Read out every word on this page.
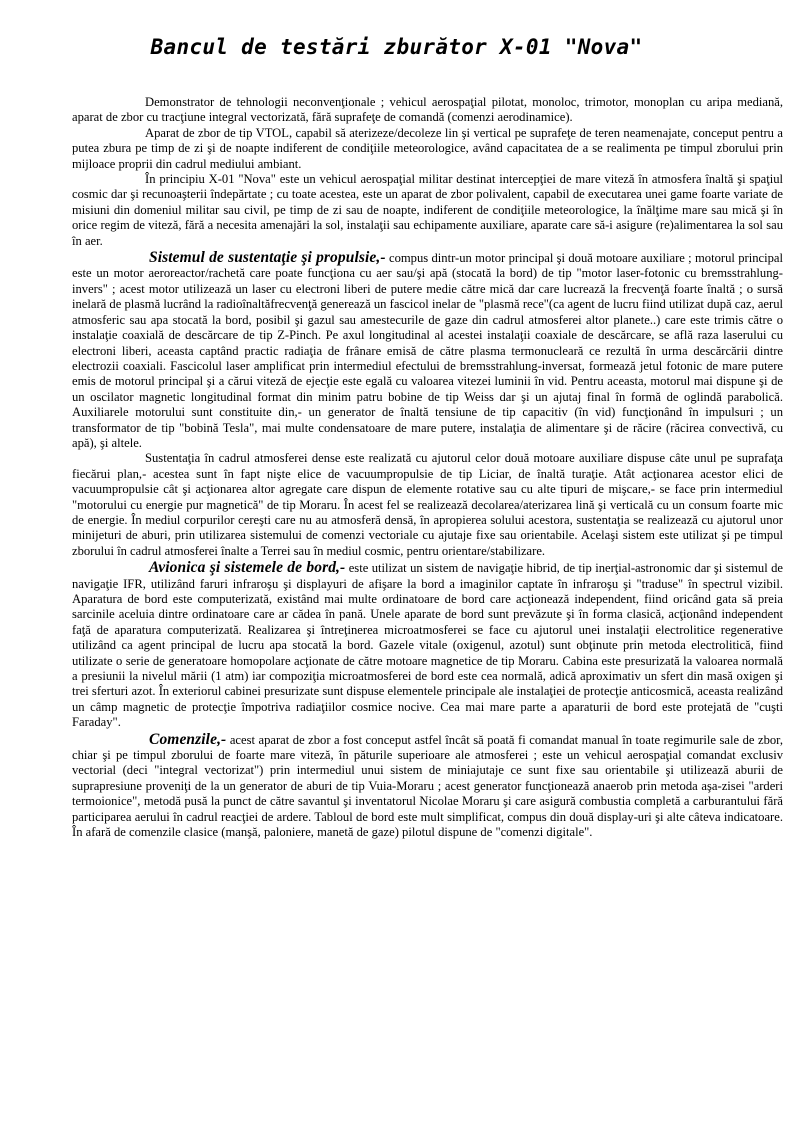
Bancul de testări zburător X-01 "Nova"

Demonstrator de tehnologii neconvenţionale ; vehicul aerospaţial pilotat, monoloc, trimotor, monoplan cu aripa mediană, aparat de zbor cu tracţiune integral vectorizată, fără suprafeţe de comandă (comenzi aerodinamice).

Aparat de zbor de tip VTOL, capabil să aterizeze/decoleze lin şi vertical pe suprafeţe de teren neamenajate, conceput pentru a putea zbura pe timp de zi şi de noapte indiferent de condiţiile meteorologice, având capacitatea de a se realimenta pe timpul zborului prin mijloace proprii din cadrul mediului ambiant.

În principiu X-01 "Nova" este un vehicul aerospaţial militar destinat intercepţiei de mare viteză în atmosfera înaltă şi spaţiul cosmic dar şi recunoaşterii îndepărtate ; cu toate acestea, este un aparat de zbor polivalent, capabil de executarea unei game foarte variate de misiuni din domeniul militar sau civil, pe timp de zi sau de noapte, indiferent de condiţiile meteorologice, la înălţime mare sau mică şi în orice regim de viteză, fără a necesita amenajări la sol, instalaţii sau echipamente auxiliare, aparate care să-i asigure (re)alimentarea la sol sau în aer.

Sistemul de sustentaţie şi propulsie,- compus dintr-un motor principal şi două motoare auxiliare ; motorul principal este un motor aeroreactor/rachetă care poate funcţiona cu aer sau/şi apă (stocată la bord) de tip "motor laser-fotonic cu bremsstrahlung-invers" ; acest motor utilizează un laser cu electroni liberi de putere medie către mică dar care lucrează la frecvenţă foarte înaltă ; o sursă inelară de plasmă lucrând la radioînaltăfrecvenţă generează un fascicol inelar de "plasmă rece"(ca agent de lucru fiind utilizat după caz, aerul atmosferic sau apa stocată la bord, posibil şi gazul sau amestecurile de gaze din cadrul atmosferei altor planete..) care este trimis către o instalaţie coaxială de descărcare de tip Z-Pinch. Pe axul longitudinal al acestei instalaţii coaxiale de descărcare, se află raza laserului cu electroni liberi, aceasta captând practic radiaţia de frânare emisă de către plasma termonucleară ce rezultă în urma descărcării dintre electrozii coaxiali. Fascicolul laser amplificat prin intermediul efectului de bremsstrahlung-inversat, formează jetul fotonic de mare putere emis de motorul principal şi a cărui viteză de ejecţie este egală cu valoarea vitezei luminii în vid. Pentru aceasta, motorul mai dispune şi de un oscilator magnetic longitudinal format din minim patru bobine de tip Weiss dar şi un ajutaj final în formă de oglindă parabolică. Auxiliarele motorului sunt constituite din,- un generator de înaltă tensiune de tip capacitiv (în vid) funcţionând în impulsuri ; un transformator de tip "bobină Tesla", mai multe condensatoare de mare putere, instalaţia de alimentare şi de răcire (răcirea convectivă, cu apă), şi altele.

Sustentaţia în cadrul atmosferei dense este realizată cu ajutorul celor două motoare auxiliare dispuse câte unul pe suprafaţa fiecărui plan,- acestea sunt în fapt nişte elice de vacuumpropulsie de tip Liciar, de înaltă turaţie. Atât acţionarea acestor elici de vacuumpropulsie cât şi acţionarea altor agregate care dispun de elemente rotative sau cu alte tipuri de mişcare,- se face prin intermediul "motorului cu energie pur magnetică" de tip Moraru. În acest fel se realizează decolarea/aterizarea lină şi verticală cu un consum foarte mic de energie. În mediul corpurilor cereşti care nu au atmosferă densă, în apropierea solului acestora, sustentaţia se realizează cu ajutorul unor minijeturi de aburi, prin utilizarea sistemului de comenzi vectoriale cu ajutaje fixe sau orientabile. Acelaşi sistem este utilizat şi pe timpul zborului în cadrul atmosferei înalte a Terrei sau în mediul cosmic, pentru orientare/stabilizare.

Avionica şi sistemele de bord,- este utilizat un sistem de navigaţie hibrid, de tip inerţial-astronomic dar şi sistemul de navigaţie IFR, utilizând faruri infraroşu şi displayuri de afişare la bord a imaginilor captate în infraroşu şi "traduse" în spectrul vizibil. Aparatura de bord este computerizată, existând mai multe ordinatoare de bord care acţionează independent, fiind oricând gata să preia sarcinile aceluia dintre ordinatoare care ar cădea în pană. Unele aparate de bord sunt prevăzute şi în forma clasică, acţionând independent faţă de aparatura computerizată. Realizarea şi întreţinerea microatmosferei se face cu ajutorul unei instalaţii electrolitice regenerative utilizând ca agent principal de lucru apa stocată la bord. Gazele vitale (oxigenul, azotul) sunt obţinute prin metoda electrolitică, fiind utilizate o serie de generatoare homopolare acţionate de către motoare magnetice de tip Moraru. Cabina este presurizată la valoarea normală a presiunii la nivelul mării (1 atm) iar compoziţia microatmosferei de bord este cea normală, adică aproximativ un sfert din masă oxigen şi trei sferturi azot. În exteriorul cabinei presurizate sunt dispuse elementele principale ale instalaţiei de protecţie anticosmică, aceasta realizând un câmp magnetic de protecţie împotriva radiaţiilor cosmice nocive. Cea mai mare parte a aparaturii de bord este protejată de "cuşti Faraday".

Comenzile,- acest aparat de zbor a fost conceput astfel încât să poată fi comandat manual în toate regimurile sale de zbor, chiar şi pe timpul zborului de foarte mare viteză, în păturile superioare ale atmosferei ; este un vehicul aerospaţial comandat exclusiv vectorial (deci "integral vectorizat") prin intermediul unui sistem de miniajutaje ce sunt fixe sau orientabile şi utilizează aburii de suprapresiune proveniţi de la un generator de aburi de tip Vuia-Moraru ; acest generator funcţionează anaerob prin metoda aşa-zisei "arderi termoionice", metodă pusă la punct de către savantul şi inventatorul Nicolae Moraru şi care asigură combustia completă a carburantului fără participarea aerului în cadrul reacţiei de ardere. Tabloul de bord este mult simplificat, compus din două display-uri şi alte câteva indicatoare. În afară de comenzile clasice (manşă, paloniere, manetă de gaze) pilotul dispune de "comenzi digitale".
